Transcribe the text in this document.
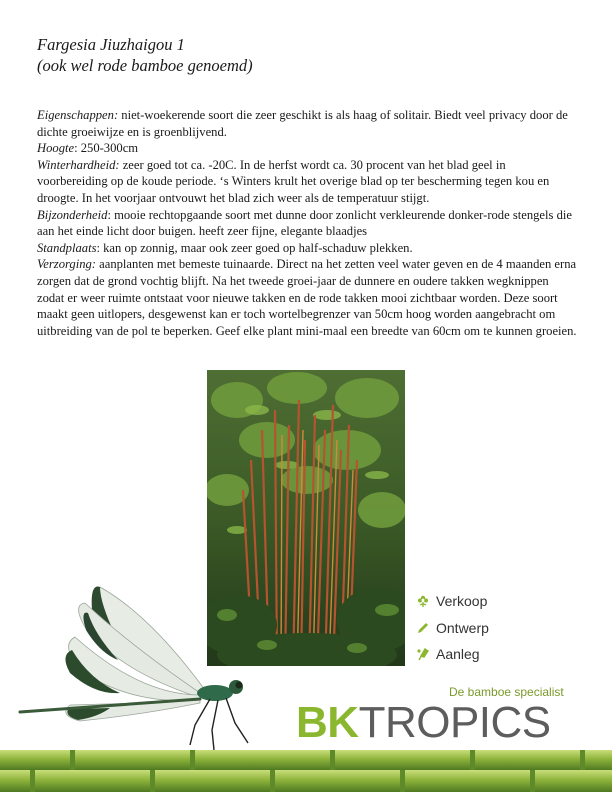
Fargesia Jiuzhaigou 1
(ook wel rode bamboe genoemd)

Eigenschappen: niet-woekerende soort die zeer geschikt is als haag of solitair. Biedt veel privacy door de dichte groeiwijze en is groenblijvend.

Hoogte: 250-300cm

Winterhardheid: zeer goed tot ca. -20C. In de herfst wordt ca. 30 procent van het blad geel in voorbereiding op de koude periode. ‘s Winters krult het overige blad op ter bescherming tegen kou en droogte. In het voorjaar ontvouwt het blad zich weer als de temperatuur stijgt.

Bijzonderheid: mooie rechtopgaande soort met dunne door zonlicht verkleurende donker-rode stengels die aan het einde licht door buigen. heeft zeer fijne, elegante blaadjes

Standplaats: kan op zonnig, maar ook zeer goed op half-schaduw plekken.

Verzorging: aanplanten met bemeste tuinaarde. Direct na het zetten veel water geven en de 4 maanden erna zorgen dat de grond vochtig blijft. Na het tweede groei-jaar de dunnere en oudere takken wegknippen zodat er weer ruimte ontstaat voor nieuwe takken en de rode takken mooi zichtbaar worden. Deze soort maakt geen uitlopers, desgewenst kan er toch wortelbegrenzer van 50cm hoog worden aangebracht om uitbreiding van de pol te beperken. Geef elke plant mini-maal een breedte van 60cm om te kunnen groeien.

Verkoop
Ontwerp
Aanleg
De bamboe specialist
BKTROPICS
